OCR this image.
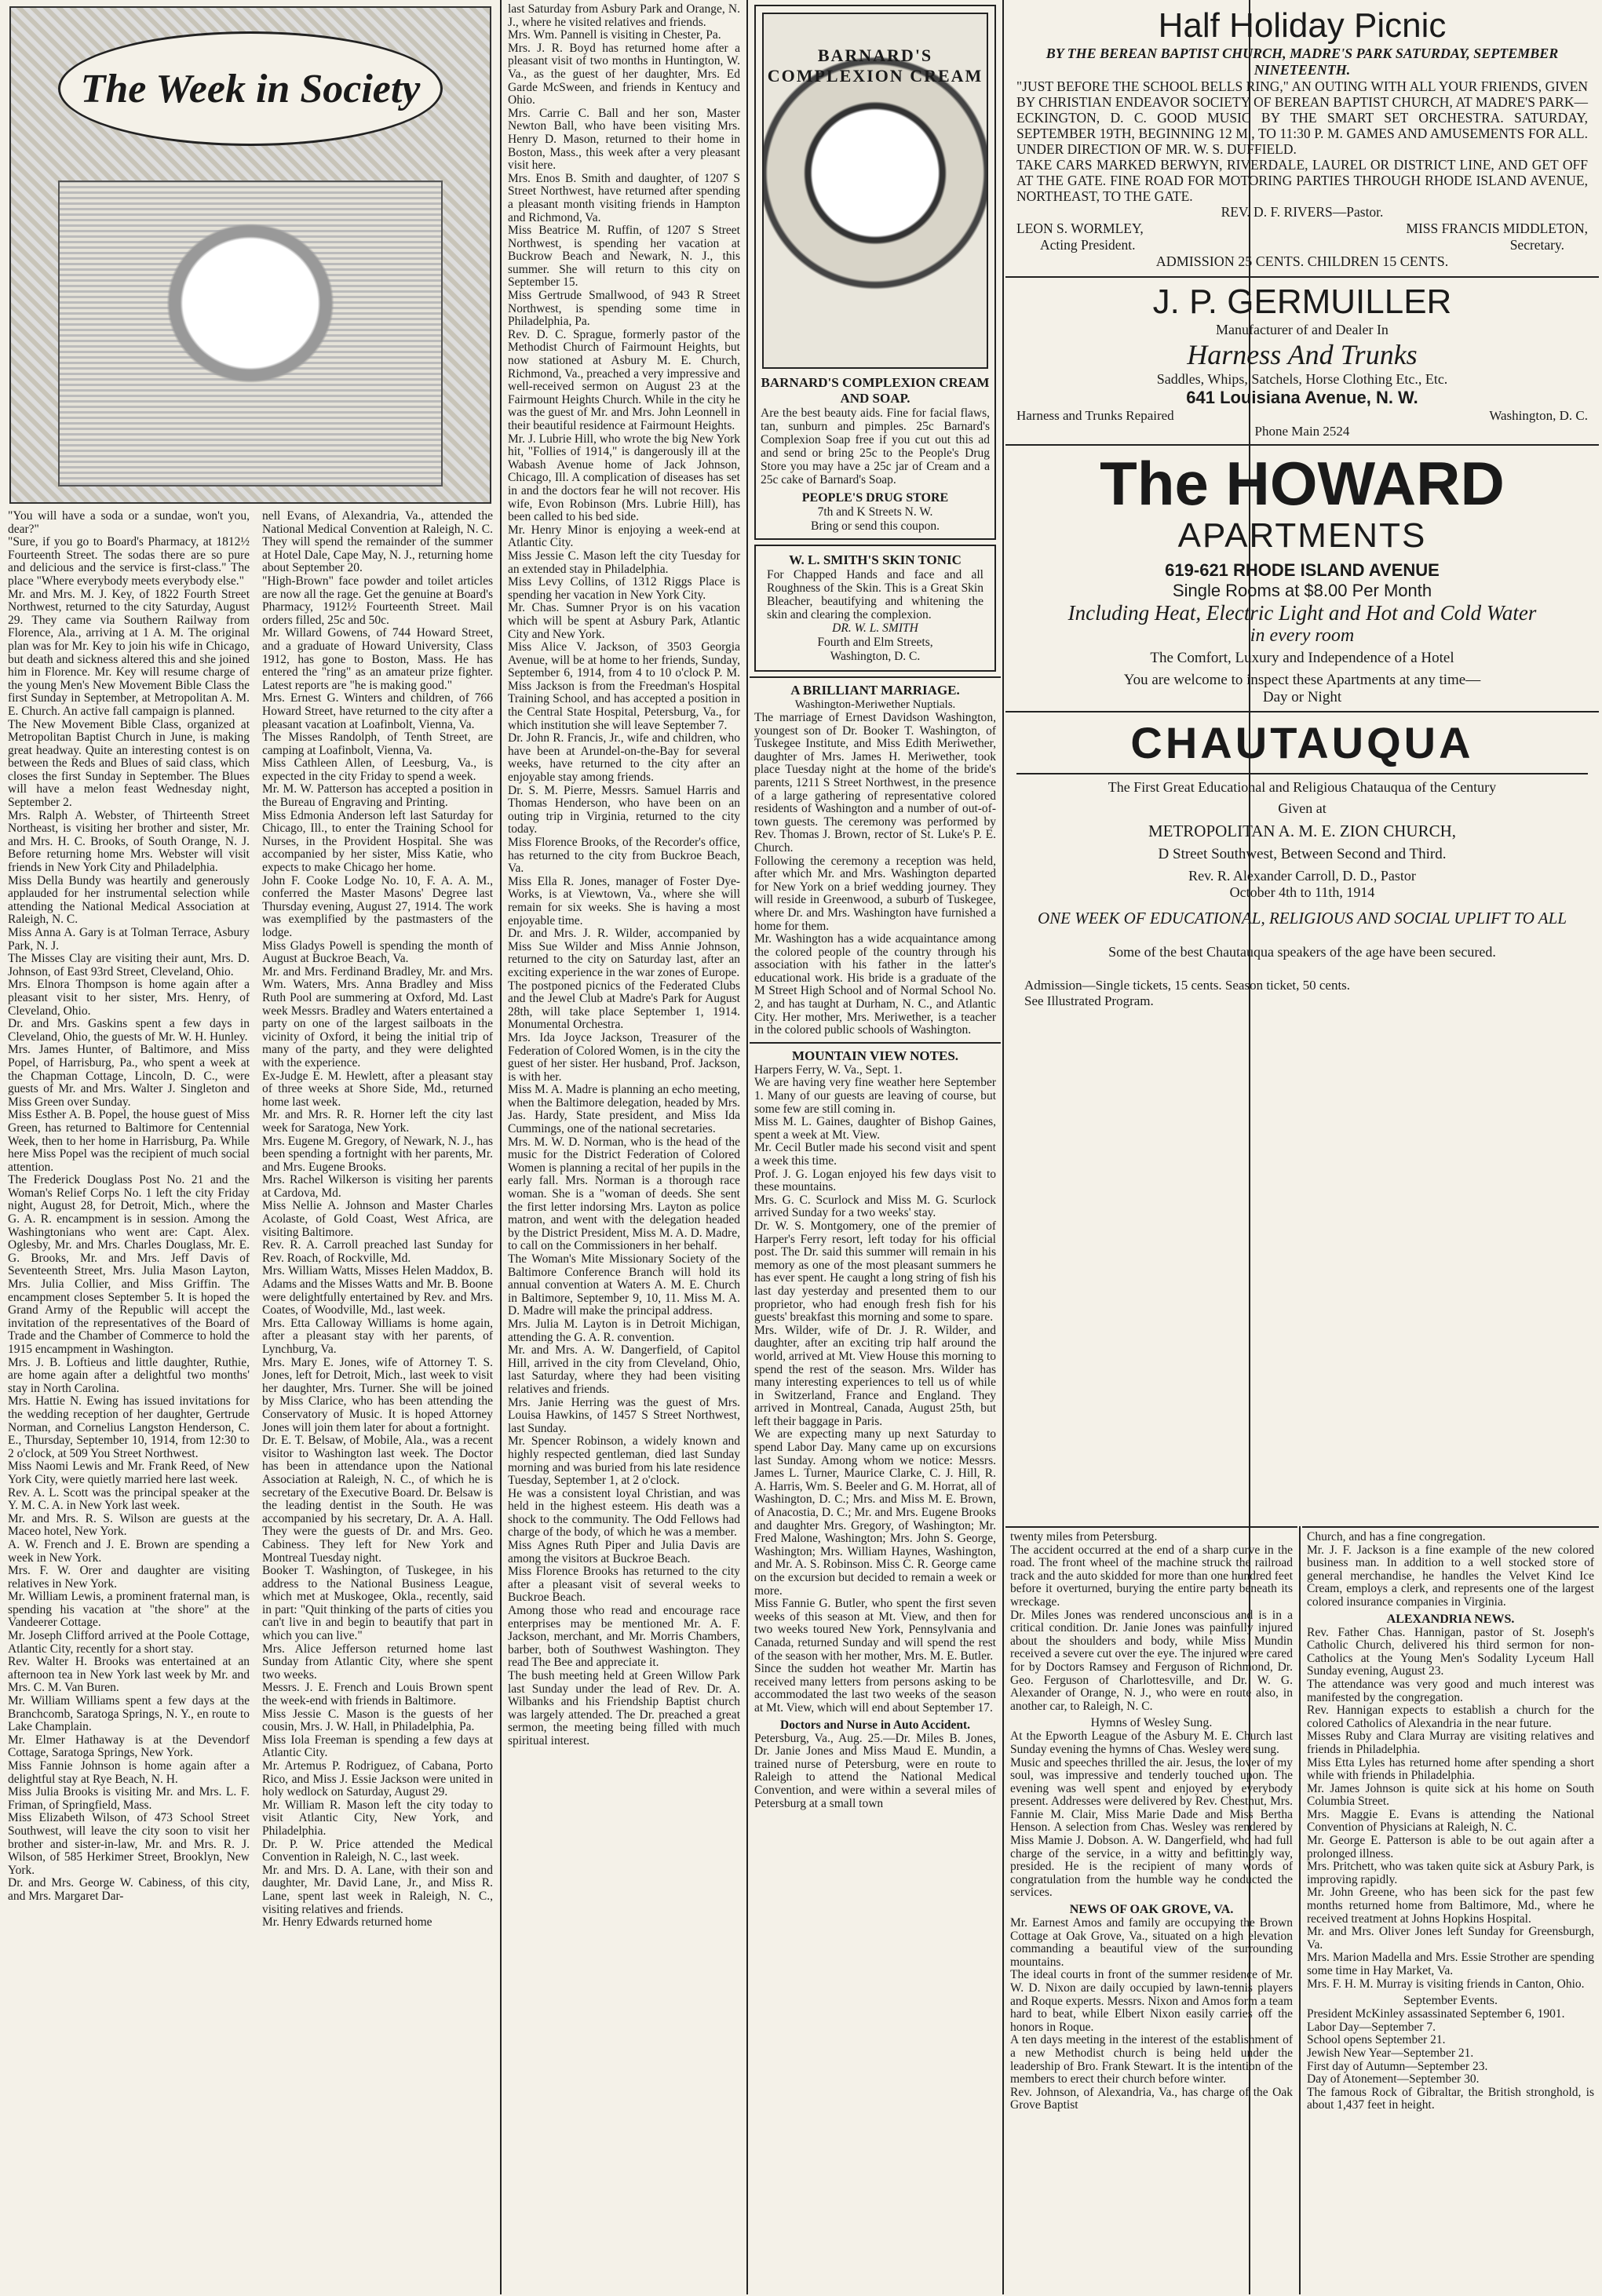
The Week in Society
"You will have a soda or a sundae, won't you, dear?"
"Sure, if you go to Board's Pharmacy, at 1812½ Fourteenth Street. The sodas there are so pure and delicious and the service is first-class." The place "Where everybody meets everybody else."
Mr. and Mrs. M. J. Key, of 1822 Fourth Street Northwest, returned to the city Saturday, August 29. They came via Southern Railway from Florence, Ala., arriving at 1 A. M. The original plan was for Mr. Key to join his wife in Chicago, but death and sickness altered this and she joined him in Florence. Mr. Key will resume charge of the young Men's New Movement Bible Class the first Sunday in September, at Metropolitan A. M. E. Church. An active fall campaign is planned.
The New Movement Bible Class, organized at Metropolitan Baptist Church in June, is making great headway. Quite an interesting contest is on between the Reds and Blues of said class, which closes the first Sunday in September. The Blues will have a melon feast Wednesday night, September 2.
Mrs. Ralph A. Webster, of Thirteenth Street Northeast, is visiting her brother and sister, Mr. and Mrs. H. C. Brooks, of South Orange, N. J. Before returning home Mrs. Webster will visit friends in New York City and Philadelphia.
Miss Della Bundy was heartily and generously applauded for her instrumental selection while attending the National Medical Association at Raleigh, N. C.
Miss Anna A. Gary is at Tolman Terrace, Asbury Park, N. J.
The Misses Clay are visiting their aunt, Mrs. D. Johnson, of East 93rd Street, Cleveland, Ohio.
Mrs. Elnora Thompson is home again after a pleasant visit to her sister, Mrs. Henry, of Cleveland, Ohio.
Dr. and Mrs. Gaskins spent a few days in Cleveland, Ohio, the guests of Mr. W. H. Hunley.
Mrs. James Hunter, of Baltimore, and Miss Popel, of Harrisburg, Pa., who spent a week at the Chapman Cottage, Lincoln, D. C., were guests of Mr. and Mrs. Walter J. Singleton and Miss Green over Sunday.
Miss Esther A. B. Popel, the house guest of Miss Green, has returned to Baltimore for Centennial Week, then to her home in Harrisburg, Pa. While here Miss Popel was the recipient of much social attention.
The Frederick Douglass Post No. 21 and the Woman's Relief Corps No. 1 left the city Friday night, August 28, for Detroit, Mich., where the G. A. R. encampment is in session. Among the Washingtonians who went are: Capt. Alex. Oglesby, Mr. and Mrs. Charles Douglass, Mr. E. G. Brooks, Mr. and Mrs. Jeff Davis of Seventeenth Street, Mrs. Julia Mason Layton, Mrs. Julia Collier, and Miss Griffin. The encampment closes September 5. It is hoped the Grand Army of the Republic will accept the invitation of the representatives of the Board of Trade and the Chamber of Commerce to hold the 1915 encampment in Washington.
Mrs. J. B. Loftieus and little daughter, Ruthie, are home again after a delightful two months' stay in North Carolina.
Mrs. Hattie N. Ewing has issued invitations for the wedding reception of her daughter, Gertrude Norman, and Cornelius Langston Henderson, C. E., Thursday, September 10, 1914, from 12:30 to 2 o'clock, at 509 You Street Northwest.
Miss Naomi Lewis and Mr. Frank Reed, of New York City, were quietly married here last week.
Rev. A. L. Scott was the principal speaker at the Y. M. C. A. in New York last week.
Mr. and Mrs. R. S. Wilson are guests at the Maceo hotel, New York.
A. W. French and J. E. Brown are spending a week in New York.
Mrs. F. W. Orer and daughter are visiting relatives in New York.
Mr. William Lewis, a prominent fraternal man, is spending his vacation at "the shore" at the Vandeerer Cottage.
Mr. Joseph Clifford arrived at the Poole Cottage, Atlantic City, recently for a short stay.
Rev. Walter H. Brooks was entertained at an afternoon tea in New York last week by Mr. and Mrs. C. M. Van Buren.
Mr. William Williams spent a few days at the Branchcomb, Saratoga Springs, N. Y., en route to Lake Champlain.
Mr. Elmer Hathaway is at the Devendorf Cottage, Saratoga Springs, New York.
Miss Fannie Johnson is home again after a delightful stay at Rye Beach, N. H.
Miss Julia Brooks is visiting Mr. and Mrs. L. F. Friman, of Springfield, Mass.
Miss Elizabeth Wilson, of 473 School Street Southwest, will leave the city soon to visit her brother and sister-in-law, Mr. and Mrs. R. J. Wilson, of 585 Herkimer Street, Brooklyn, New York.
Dr. and Mrs. George W. Cabiness, of this city, and Mrs. Margaret Dar-
nell Evans, of Alexandria, Va., attended the National Medical Convention at Raleigh, N. C. They will spend the remainder of the summer at Hotel Dale, Cape May, N. J., returning home about September 20.
"High-Brown" face powder and toilet articles are now all the rage. Get the genuine at Board's Pharmacy, 1912½ Fourteenth Street. Mail orders filled, 25c and 50c.
Mr. Willard Gowens, of 744 Howard Street, and a graduate of Howard University, Class 1912, has gone to Boston, Mass. He has entered the "ring" as an amateur prize fighter. Latest reports are "he is making good."
Mrs. Ernest G. Winters and children, of 766 Howard Street, have returned to the city after a pleasant vacation at Loafinbolt, Vienna, Va.
The Misses Randolph, of Tenth Street, are camping at Loafinbolt, Vienna, Va.
Miss Cathleen Allen, of Leesburg, Va., is expected in the city Friday to spend a week.
Mr. M. W. Patterson has accepted a position in the Bureau of Engraving and Printing.
Miss Edmonia Anderson left last Saturday for Chicago, Ill., to enter the Training School for Nurses, in the Provident Hospital. She was accompanied by her sister, Miss Katie, who expects to make Chicago her home.
John F. Cooke Lodge No. 10, F. A. A. M., conferred the Master Masons' Degree last Thursday evening, August 27, 1914. The work was exemplified by the pastmasters of the lodge.
Miss Gladys Powell is spending the month of August at Buckroe Beach, Va.
Mr. and Mrs. Ferdinand Bradley, Mr. and Mrs. Wm. Waters, Mrs. Anna Bradley and Miss Ruth Pool are summering at Oxford, Md. Last week Messrs. Bradley and Waters entertained a party on one of the largest sailboats in the vicinity of Oxford, it being the initial trip of many of the party, and they were delighted with the experience.
Ex-Judge E. M. Hewlett, after a pleasant stay of three weeks at Shore Side, Md., returned home last week.
Mr. and Mrs. R. R. Horner left the city last week for Saratoga, New York.
Mrs. Eugene M. Gregory, of Newark, N. J., has been spending a fortnight with her parents, Mr. and Mrs. Eugene Brooks.
Mrs. Rachel Wilkerson is visiting her parents at Cardova, Md.
Miss Nellie A. Johnson and Master Charles Acolaste, of Gold Coast, West Africa, are visiting Baltimore.
Rev. R. A. Carroll preached last Sunday for Rev. Roach, of Rockville, Md.
Mrs. William Watts, Misses Helen Maddox, B. Adams and the Misses Watts and Mr. B. Boone were delightfully entertained by Rev. and Mrs. Coates, of Woodville, Md., last week.
Mrs. Etta Calloway Williams is home again, after a pleasant stay with her parents, of Lynchburg, Va.
Mrs. Mary E. Jones, wife of Attorney T. S. Jones, left for Detroit, Mich., last week to visit her daughter, Mrs. Turner. She will be joined by Miss Clarice, who has been attending the Conservatory of Music. It is hoped Attorney Jones will join them later for about a fortnight.
Dr. E. T. Belsaw, of Mobile, Ala., was a recent visitor to Washington last week. The Doctor has been in attendance upon the National Association at Raleigh, N. C., of which he is secretary of the Executive Board. Dr. Belsaw is the leading dentist in the South. He was accompanied by his secretary, Dr. A. A. Hall. They were the guests of Dr. and Mrs. Geo. Cabiness. They left for New York and Montreal Tuesday night.
Booker T. Washington, of Tuskegee, in his address to the National Business League, which met at Muskogee, Okla., recently, said in part: "Quit thinking of the parts of cities you can't live in and begin to beautify that part in which you can live."
Mrs. Alice Jefferson returned home last Sunday from Atlantic City, where she spent two weeks.
Messrs. J. E. French and Louis Brown spent the week-end with friends in Baltimore.
Miss Jessie C. Mason is the guests of her cousin, Mrs. J. W. Hall, in Philadelphia, Pa.
Miss Iola Freeman is spending a few days at Atlantic City.
Mr. Artemus P. Rodriguez, of Cabana, Porto Rico, and Miss J. Essie Jackson were united in holy wedlock on Saturday, August 29.
Mr. William R. Mason left the city today to visit Atlantic City, New York, and Philadelphia.
Dr. P. W. Price attended the Medical Convention in Raleigh, N. C., last week.
Mr. and Mrs. D. A. Lane, with their son and daughter, Mr. David Lane, Jr., and Miss R. Lane, spent last week in Raleigh, N. C., visiting relatives and friends.
Mr. Henry Edwards returned home
last Saturday from Asbury Park and Orange, N. J., where he visited relatives and friends.
Mrs. Wm. Pannell is visiting in Chester, Pa.
Mrs. J. R. Boyd has returned home after a pleasant visit of two months in Huntington, W. Va., as the guest of her daughter, Mrs. Ed Garde McSween, and friends in Kentucy and Ohio.
Mrs. Carrie C. Ball and her son, Master Newton Ball, who have been visiting Mrs. Henry D. Mason, returned to their home in Boston, Mass., this week after a very pleasant visit here.
Mrs. Enos B. Smith and daughter, of 1207 S Street Northwest, have returned after spending a pleasant month visiting friends in Hampton and Richmond, Va.
Miss Beatrice M. Ruffin, of 1207 S Street Northwest, is spending her vacation at Buckrow Beach and Newark, N. J., this summer. She will return to this city on September 15.
Miss Gertrude Smallwood, of 943 R Street Northwest, is spending some time in Philadelphia, Pa.
Rev. D. C. Sprague, formerly pastor of the Methodist Church of Fairmount Heights, but now stationed at Asbury M. E. Church, Richmond, Va., preached a very impressive and well-received sermon on August 23 at the Fairmount Heights Church. While in the city he was the guest of Mr. and Mrs. John Leonnell in their beautiful residence at Fairmount Heights.
Mr. J. Lubrie Hill, who wrote the big New York hit, "Follies of 1914," is dangerously ill at the Wabash Avenue home of Jack Johnson, Chicago, Ill. A complication of diseases has set in and the doctors fear he will not recover. His wife, Evon Robinson (Mrs. Lubrie Hill), has been called to his bed side.
Mr. Henry Minor is enjoying a week-end at Atlantic City.
Miss Jessie C. Mason left the city Tuesday for an extended stay in Philadelphia.
Miss Levy Collins, of 1312 Riggs Place is spending her vacation in New York City.
Mr. Chas. Sumner Pryor is on his vacation which will be spent at Asbury Park, Atlantic City and New York.
Miss Alice V. Jackson, of 3503 Georgia Avenue, will be at home to her friends, Sunday, September 6, 1914, from 4 to 10 o'clock P. M. Miss Jackson is from the Freedman's Hospital Training School, and has accepted a position in the Central State Hospital, Petersburg, Va., for which institution she will leave September 7.
Dr. John R. Francis, Jr., wife and children, who have been at Arundel-on-the-Bay for several weeks, have returned to the city after an enjoyable stay among friends.
Dr. S. M. Pierre, Messrs. Samuel Harris and Thomas Henderson, who have been on an outing trip in Virginia, returned to the city today.
Miss Florence Brooks, of the Recorder's office, has returned to the city from Buckroe Beach, Va.
Miss Ella R. Jones, manager of Foster Dye-Works, is at Viewtown, Va., where she will remain for six weeks. She is having a most enjoyable time.
Dr. and Mrs. J. R. Wilder, accompanied by Miss Sue Wilder and Miss Annie Johnson, returned to the city on Saturday last, after an exciting experience in the war zones of Europe.
The postponed picnics of the Federated Clubs and the Jewel Club at Madre's Park for August 28th, will take place September 1, 1914. Monumental Orchestra.
Mrs. Ida Joyce Jackson, Treasurer of the Federation of Colored Women, is in the city the guest of her sister. Her husband, Prof. Jackson, is with her.
Miss M. A. Madre is planning an echo meeting, when the Baltimore delegation, headed by Mrs. Jas. Hardy, State president, and Miss Ida Cummings, one of the national secretaries.
Mrs. M. W. D. Norman, who is the head of the music for the District Federation of Colored Women is planning a recital of her pupils in the early fall. Mrs. Norman is a thorough race woman. She is a "woman of deeds. She sent the first letter indorsing Mrs. Layton as police matron, and went with the delegation headed by the District President, Miss M. A. D. Madre, to call on the Commissioners in her behalf.
The Woman's Mite Missionary Society of the Baltimore Conference Branch will hold its annual convention at Waters A. M. E. Church in Baltimore, September 9, 10, 11. Miss M. A. D. Madre will make the principal address.
Mrs. Julia M. Layton is in Detroit Michigan, attending the G. A. R. convention.
Mr. and Mrs. A. W. Dangerfield, of Capitol Hill, arrived in the city from Cleveland, Ohio, last Saturday, where they had been visiting relatives and friends.
Mrs. Janie Herring was the guest of Mrs. Louisa Hawkins, of 1457 S Street Northwest, last Sunday.
Mr. Spencer Robinson, a widely known and highly respected gentleman, died last Sunday morning and was buried from his late residence Tuesday, September 1, at 2 o'clock.
He was a consistent loyal Christian, and was held in the highest esteem. His death was a shock to the community. The Odd Fellows had charge of the body, of which he was a member.
Miss Agnes Ruth Piper and Julia Davis are among the visitors at Buckroe Beach.
Miss Florence Brooks has returned to the city after a pleasant visit of several weeks to Buckroe Beach.
Among those who read and encourage race enterprises may be mentioned Mr. A. F. Jackson, merchant, and Mr. Morris Chambers, barber, both of Southwest Washington. They read The Bee and appreciate it.
The bush meeting held at Green Willow Park last Sunday under the lead of Rev. Dr. A. Wilbanks and his Friendship Baptist church was largely attended. The Dr. preached a great sermon, the meeting being filled with much spiritual interest.
BARNARD'S COMPLEXION CREAM
BARNARD'S COMPLEXION CREAM AND SOAP.
Are the best beauty aids. Fine for facial flaws, tan, sunburn and pimples. 25c Barnard's Complexion Soap free if you cut out this ad and send or bring 25c to the People's Drug Store you may have a 25c jar of Cream and a 25c cake of Barnard's Soap.
PEOPLE'S DRUG STORE
7th and K Streets N. W.
Bring or send this coupon.
W. L. SMITH'S SKIN TONIC
For Chapped Hands and face and all Roughness of the Skin. This is a Great Skin Bleacher, beautifying and whitening the skin and clearing the complexion.
DR. W. L. SMITH
Fourth and Elm Streets,
Washington, D. C.
A BRILLIANT MARRIAGE.
Washington-Meriwether Nuptials.
The marriage of Ernest Davidson Washington, youngest son of Dr. Booker T. Washington, of Tuskegee Institute, and Miss Edith Meriwether, daughter of Mrs. James H. Meriwether, took place Tuesday night at the home of the bride's parents, 1211 S Street Northwest, in the presence of a large gathering of representative colored residents of Washington and a number of out-of-town guests. The ceremony was performed by Rev. Thomas J. Brown, rector of St. Luke's P. E. Church.
Following the ceremony a reception was held, after which Mr. and Mrs. Washington departed for New York on a brief wedding journey. They will reside in Greenwood, a suburb of Tuskegee, where Dr. and Mrs. Washington have furnished a home for them.
Mr. Washington has a wide acquaintance among the colored people of the country through his association with his father in the latter's educational work. His bride is a graduate of the M Street High School and of Normal School No. 2, and has taught at Durham, N. C., and Atlantic City. Her mother, Mrs. Meriwether, is a teacher in the colored public schools of Washington.
MOUNTAIN VIEW NOTES.
Harpers Ferry, W. Va., Sept. 1.
We are having very fine weather here September 1. Many of our guests are leaving of course, but some few are still coming in.
Miss M. L. Gaines, daughter of Bishop Gaines, spent a week at Mt. View.
Mr. Cecil Butler made his second visit and spent a week this time.
Prof. J. G. Logan enjoyed his few days visit to these mountains.
Mrs. G. C. Scurlock and Miss M. G. Scurlock arrived Sunday for a two weeks' stay.
Dr. W. S. Montgomery, one of the premier of Harper's Ferry resort, left today for his official post. The Dr. said this summer will remain in his memory as one of the most pleasant summers he has ever spent. He caught a long string of fish his last day yesterday and presented them to our proprietor, who had enough fresh fish for his guests' breakfast this morning and some to spare.
Mrs. Wilder, wife of Dr. J. R. Wilder, and daughter, after an exciting trip half around the world, arrived at Mt. View House this morning to spend the rest of the season. Mrs. Wilder has many interesting experiences to tell us of while in Switzerland, France and England. They arrived in Montreal, Canada, August 25th, but left their baggage in Paris.
We are expecting many up next Saturday to spend Labor Day. Many came up on excursions last Sunday. Among whom we notice: Messrs. James L. Turner, Maurice Clarke, C. J. Hill, R. A. Harris, Wm. S. Beeler and G. M. Horrat, all of Washington, D. C.; Mrs. and Miss M. E. Brown, of Anacostia, D. C.; Mr. and Mrs. Eugene Brooks and daughter Mrs. Gregory, of Washington; Mr. Fred Malone, Washington; Mrs. John S. George, Washington; Mrs. William Haynes, Washington, and Mr. A. S. Robinson. Miss C. R. George came on the excursion but decided to remain a week or more.
Miss Fannie G. Butler, who spent the first seven weeks of this season at Mt. View, and then for two weeks toured New York, Pennsylvania and Canada, returned Sunday and will spend the rest of the season with her mother, Mrs. M. E. Butler.
Since the sudden hot weather Mr. Martin has received many letters from persons asking to be accommodated the last two weeks of the season at Mt. View, which will end about September 17.
Doctors and Nurse in Auto Accident.
Petersburg, Va., Aug. 25.—Dr. Miles B. Jones, Dr. Janie Jones and Miss Maud E. Mundin, a trained nurse of Petersburg, were en route to Raleigh to attend the National Medical Convention, and were within a several miles of Petersburg at a small town
Half Holiday Picnic
BY THE BEREAN BAPTIST CHURCH, MADRE'S PARK SATURDAY, SEPTEMBER NINETEENTH.
"JUST BEFORE THE SCHOOL BELLS RING," AN OUTING WITH ALL YOUR FRIENDS, GIVEN BY CHRISTIAN ENDEAVOR SOCIETY OF BEREAN BAPTIST CHURCH, AT MADRE'S PARK—ECKINGTON, D. C. GOOD MUSIC BY THE SMART SET ORCHESTRA. SATURDAY, SEPTEMBER 19TH, BEGINNING 12 M., TO 11:30 P. M. GAMES AND AMUSEMENTS FOR ALL. UNDER DIRECTION OF MR. W. S. DUFFIELD.
TAKE CARS MARKED BERWYN, RIVERDALE, LAUREL OR DISTRICT LINE, AND GET OFF AT THE GATE. FINE ROAD FOR MOTORING PARTIES THROUGH RHODE ISLAND AVENUE, NORTHEAST, TO THE GATE.
REV. D. F. RIVERS—Pastor.
LEON S. WORMLEY,	MISS FRANCIS MIDDLETON,
Acting President.	Secretary.
ADMISSION 25 CENTS. CHILDREN 15 CENTS.
J. P. GERMUILLER
Manufacturer of and Dealer In
Harness And Trunks
Saddles, Whips, Satchels, Horse Clothing Etc., Etc.
641 Louisiana Avenue, N. W.
Harness and Trunks Repaired	Washington, D. C.
Phone Main 2524
The HOWARD
APARTMENTS
619-621 RHODE ISLAND AVENUE
Single Rooms at $8.00 Per Month
Including Heat, Electric Light and Hot and Cold Water
in every room
The Comfort, Luxury and Independence of a Hotel
You are welcome to inspect these Apartments at any time—
Day or Night
CHAUTAUQUA
The First Great Educational and Religious Chatauqua of the Century
Given at
METROPOLITAN A. M. E. ZION CHURCH,
D Street Southwest, Between Second and Third.
Rev. R. Alexander Carroll, D. D., Pastor
October 4th to 11th, 1914
ONE WEEK OF EDUCATIONAL, RELIGIOUS AND SOCIAL UPLIFT TO ALL
Some of the best Chautauqua speakers of the age have been secured.
Admission—Single tickets, 15 cents. Season ticket, 50 cents.
See Illustrated Program.
twenty miles from Petersburg.
The accident occurred at the end of a sharp curve in the road. The front wheel of the machine struck the railroad track and the auto skidded for more than one hundred feet before it overturned, burying the entire party beneath its wreckage.
Dr. Miles Jones was rendered unconscious and is in a critical condition. Dr. Janie Jones was painfully injured about the shoulders and body, while Miss Mundin received a severe cut over the eye. The injured were cared for by Doctors Ramsey and Ferguson of Richmond, Dr. Geo. Ferguson of Charlottesville, and Dr. W. G. Alexander of Orange, N. J., who were en route also, in another car, to Raleigh, N. C.
Hymns of Wesley Sung.
At the Epworth League of the Asbury M. E. Church last Sunday evening the hymns of Chas. Wesley were sung.
Music and speeches thrilled the air. Jesus, the lover of my soul, was impressive and tenderly touched upon. The evening was well spent and enjoyed by everybody present. Addresses were delivered by Rev. Chestnut, Mrs. Fannie M. Clair, Miss Marie Dade and Miss Bertha Henson. A selection from Chas. Wesley was rendered by Miss Mamie J. Dobson. A. W. Dangerfield, who had full charge of the service, in a witty and befittingly way, presided. He is the recipient of many words of congratulation from the humble way he conducted the services.
NEWS OF OAK GROVE, VA.
Mr. Earnest Amos and family are occupying the Brown Cottage at Oak Grove, Va., situated on a high elevation commanding a beautiful view of the surrounding mountains.
The ideal courts in front of the summer residence of Mr. W. D. Nixon are daily occupied by lawn-tennis players and Roque experts. Messrs. Nixon and Amos form a team hard to beat, while Elbert Nixon easily carries off the honors in Roque.
A ten days meeting in the interest of the establishment of a new Methodist church is being held under the leadership of Bro. Frank Stewart. It is the intention of the members to erect their church before winter.
Rev. Johnson, of Alexandria, Va., has charge of the Oak Grove Baptist
Church, and has a fine congregation.
Mr. J. F. Jackson is a fine example of the new colored business man. In addition to a well stocked store of general merchandise, he handles the Velvet Kind Ice Cream, employs a clerk, and represents one of the largest colored insurance companies in Virginia.
ALEXANDRIA NEWS.
Rev. Father Chas. Hannigan, pastor of St. Joseph's Catholic Church, delivered his third sermon for non-Catholics at the Young Men's Sodality Lyceum Hall Sunday evening, August 23.
The attendance was very good and much interest was manifested by the congregation.
Rev. Hannigan expects to establish a church for the colored Catholics of Alexandria in the near future.
Misses Ruby and Clara Murray are visiting relatives and friends in Philadelphia.
Miss Etta Lyles has returned home after spending a short while with friends in Philadelphia.
Mr. James Johnson is quite sick at his home on South Columbia Street.
Mrs. Maggie E. Evans is attending the National Convention of Physicians at Raleigh, N. C.
Mr. George E. Patterson is able to be out again after a prolonged illness.
Mrs. Pritchett, who was taken quite sick at Asbury Park, is improving rapidly.
Mr. John Greene, who has been sick for the past few months returned home from Baltimore, Md., where he received treatment at Johns Hopkins Hospital.
Mr. and Mrs. Oliver Jones left Sunday for Greensburgh, Va.
Mrs. Marion Madella and Mrs. Essie Strother are spending some time in Hay Market, Va.
Mrs. F. H. M. Murray is visiting friends in Canton, Ohio.
September Events.
President McKinley assassinated September 6, 1901.
Labor Day—September 7.
School opens September 21.
Jewish New Year—September 21.
First day of Autumn—September 23.
Day of Atonement—September 30.
The famous Rock of Gibraltar, the British stronghold, is about 1,437 feet in height.
